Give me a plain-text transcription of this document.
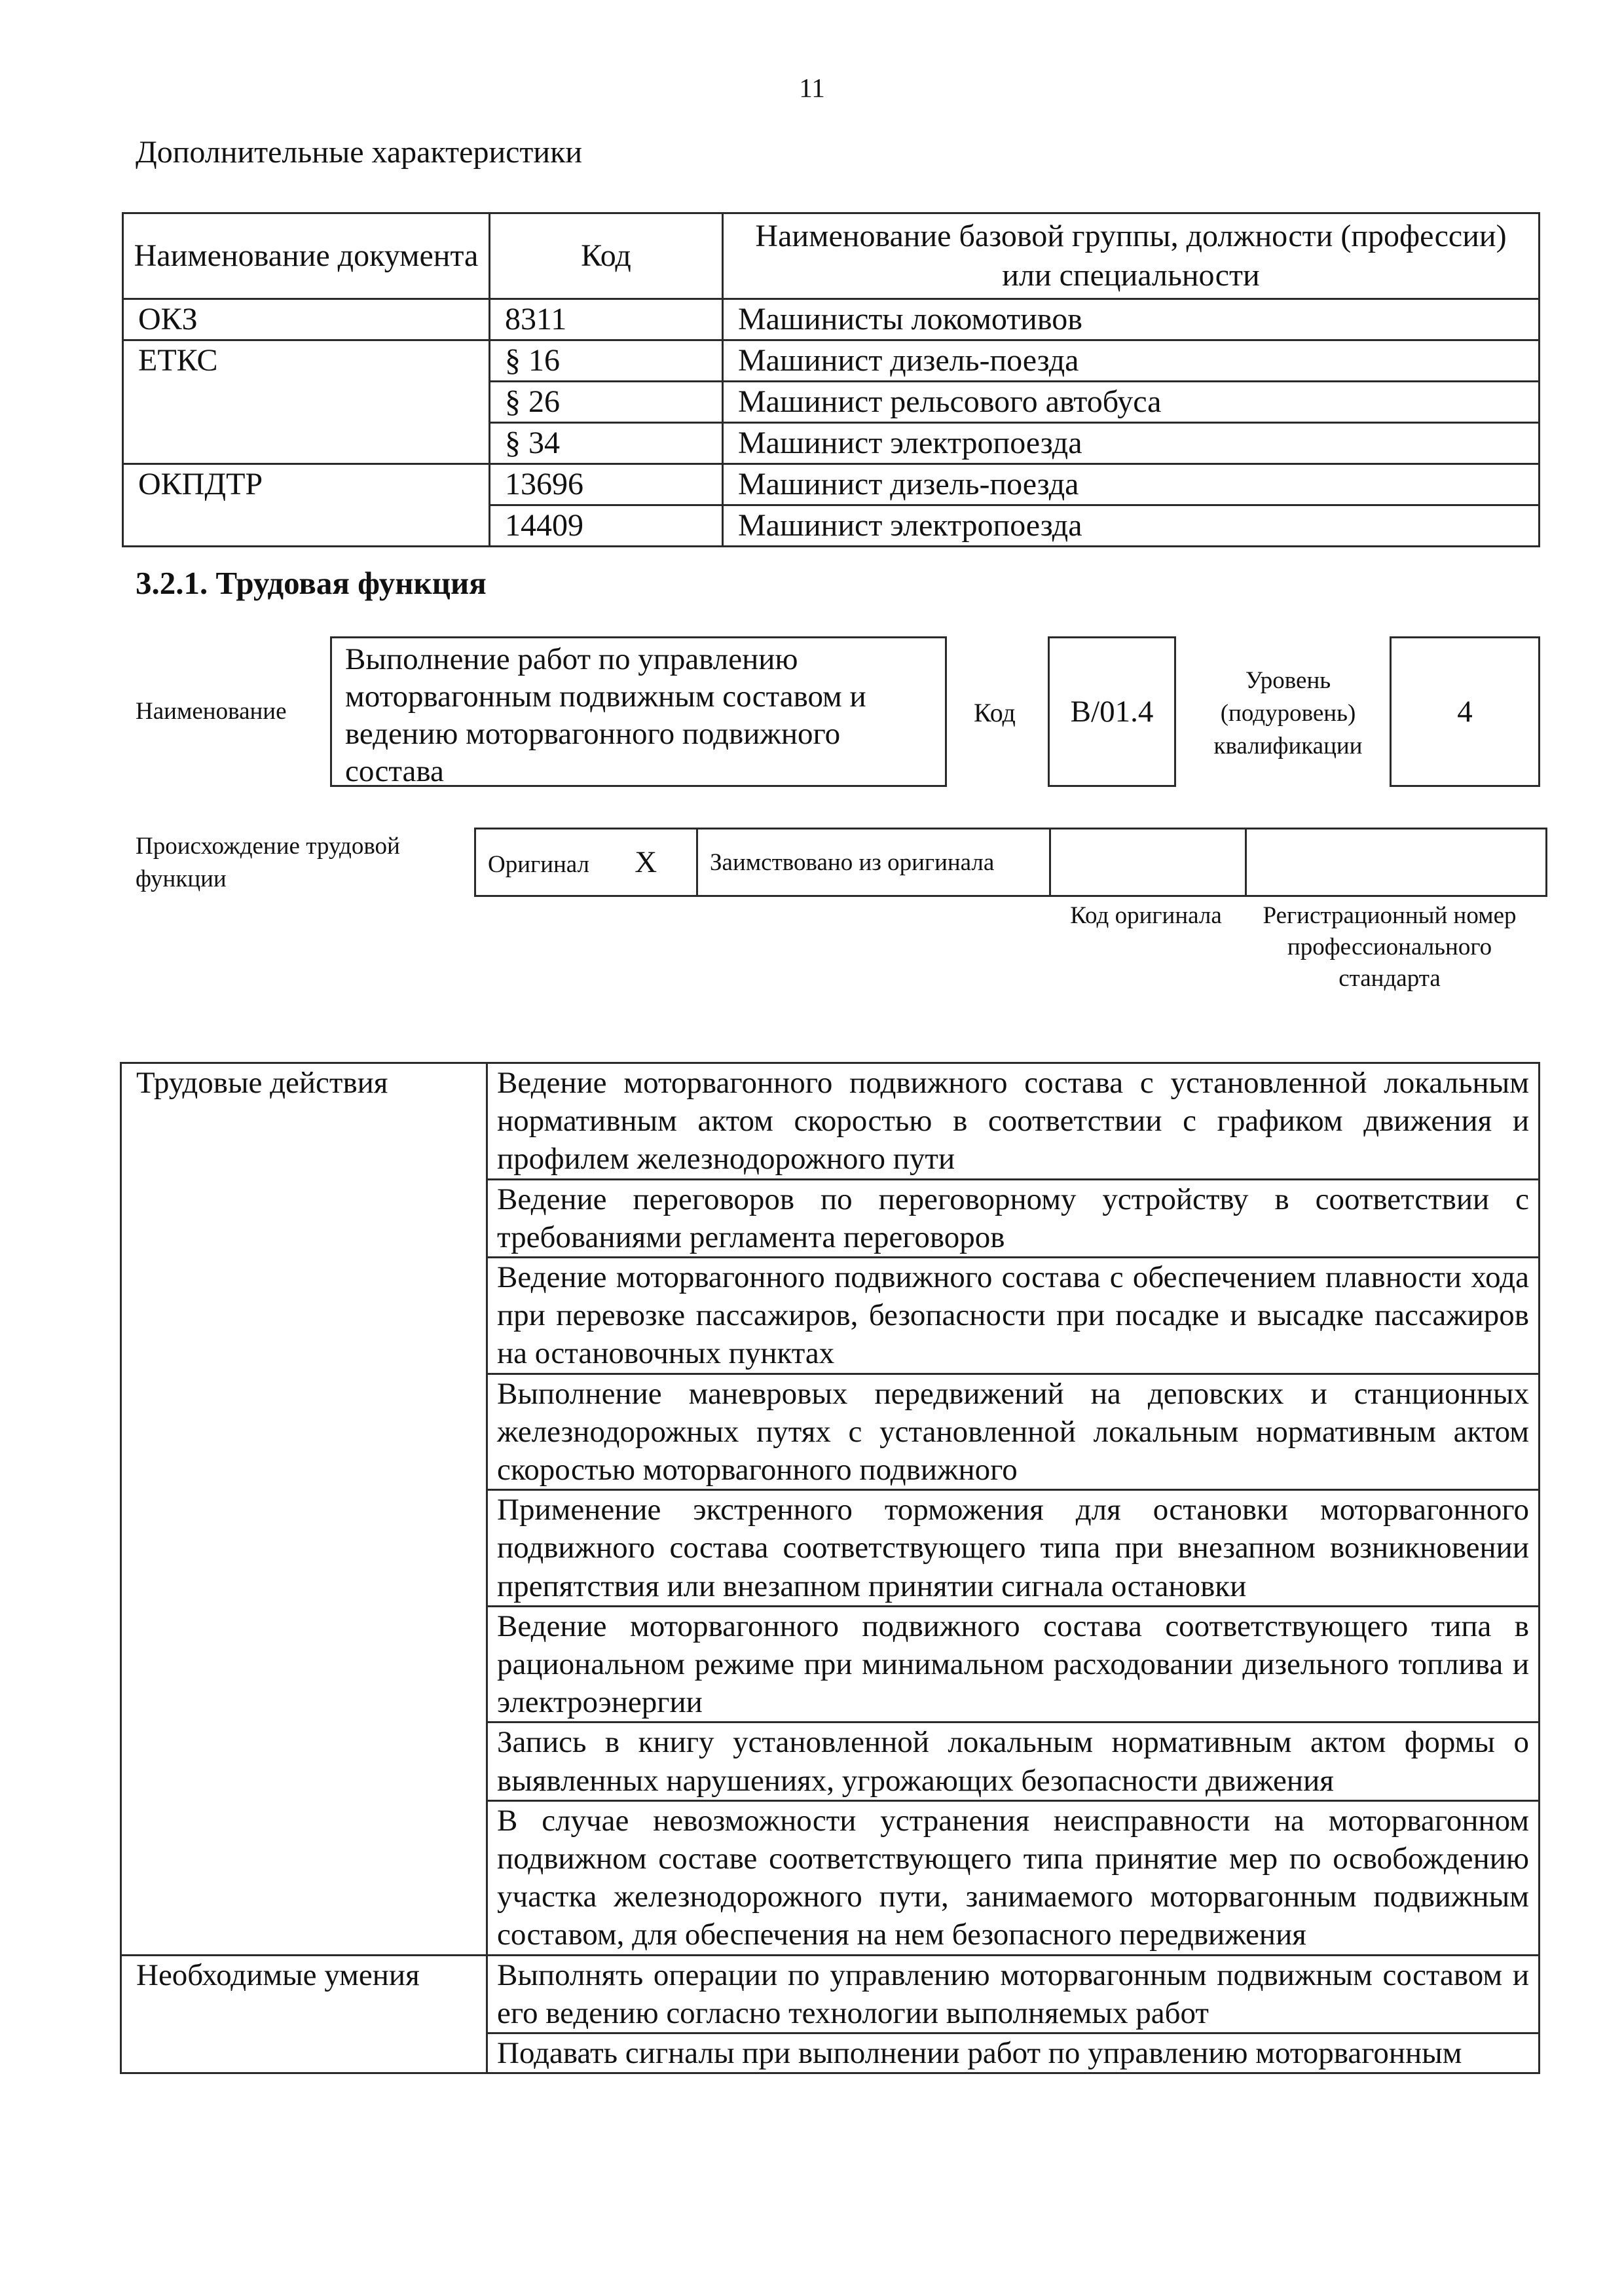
11
Дополнительные характеристики
Наименование документа	Код	Наименование базовой группы, должности (профессии) или специальности
ОКЗ	8311	Машинисты локомотивов
ЕТКС	§ 16	Машинист дизель-поезда
	§ 26	Машинист рельсового автобуса
	§ 34	Машинист электропоезда
ОКПДТР	13696	Машинист дизель-поезда
	14409	Машинист электропоезда
3.2.1. Трудовая функция
Наименование
Выполнение работ по управлению моторвагонным подвижным составом и ведению моторвагонного подвижного состава
Код	B/01.4
Уровень (подуровень) квалификации
4
Происхождение трудовой функции
Оригинал X	Заимствовано из оригинала		
Код оригинала	Регистрационный номер профессионального стандарта
Трудовые действия	Ведение моторвагонного подвижного состава с установленной локальным нормативным актом скоростью в соответствии с графиком движения и профилем железнодорожного пути
	Ведение переговоров по переговорному устройству в соответствии с требованиями регламента переговоров
	Ведение моторвагонного подвижного состава с обеспечением плавности хода при перевозке пассажиров, безопасности при посадке и высадке пассажиров на остановочных пунктах
	Выполнение маневровых передвижений на деповских и станционных железнодорожных путях с установленной локальным нормативным актом скоростью моторвагонного подвижного
	Применение экстренного торможения для остановки моторвагонного подвижного состава соответствующего типа при внезапном возникновении препятствия или внезапном принятии сигнала остановки
	Ведение моторвагонного подвижного состава соответствующего типа в рациональном режиме при минимальном расходовании дизельного топлива и электроэнергии
	Запись в книгу установленной локальным нормативным актом формы о выявленных нарушениях, угрожающих безопасности движения
	В случае невозможности устранения неисправности на моторвагонном подвижном составе соответствующего типа принятие мер по освобождению участка железнодорожного пути, занимаемого моторвагонным подвижным составом, для обеспечения на нем безопасного передвижения
Необходимые умения	Выполнять операции по управлению моторвагонным подвижным составом и его ведению согласно технологии выполняемых работ
	Подавать сигналы при выполнении работ по управлению моторвагонным
